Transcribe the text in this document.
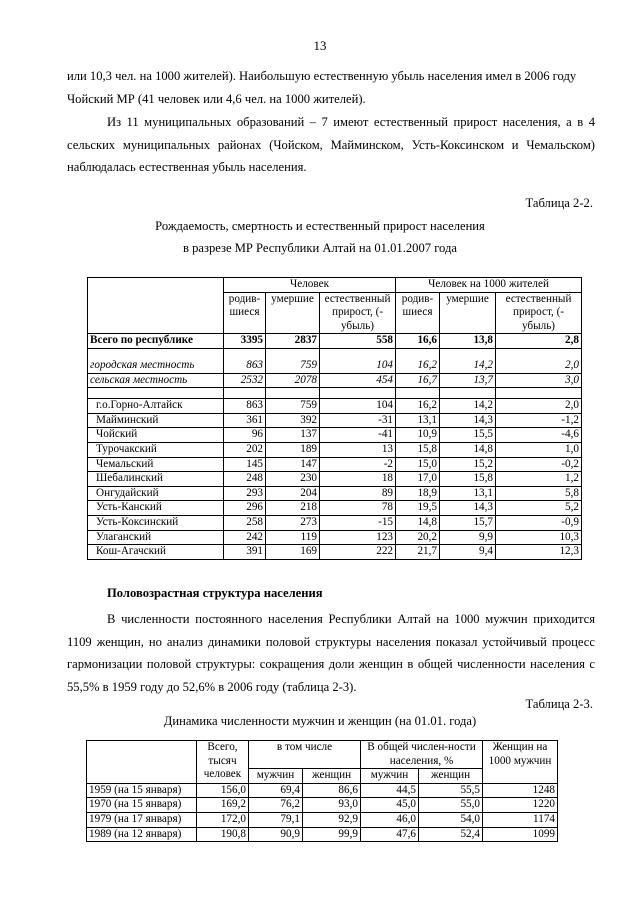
13

или 10,3 чел. на 1000 жителей). Наибольшую естественную убыль населения имел в 2006 году
Чойский МР (41 человек или 4,6 чел. на 1000 жителей).

Из 11 муниципальных образований – 7 имеют естественный прирост населения, а в 4 сельских муниципальных районах (Чойском, Майминском, Усть-Коксинском и Чемальском) наблюдалась естественная убыль населения.

Таблица 2-2.
Рождаемость, смертность и естественный прирост населения
в разрезе МР Республики Алтай на 01.01.2007 года
	Человек			Человек на 1000 жителей		
	родив-шиеся	умершие	естественный прирост, (- убыль)	родив-шиеся	умершие	естественный прирост, (- убыль)
Всего по республике	3395	2837	558	16,6	13,8	2,8

городская местность	863	759	104	16,2	14,2	2,0
сельская местность	2532	2078	454	16,7	13,7	3,0

г.о.Горно-Алтайск	863	759	104	16,2	14,2	2,0
Майминский	361	392	-31	13,1	14,3	-1,2
Чойский	96	137	-41	10,9	15,5	-4,6
Турочакский	202	189	13	15,8	14,8	1,0
Чемальский	145	147	-2	15,0	15,2	-0,2
Шебалинский	248	230	18	17,0	15,8	1,2
Онгудайский	293	204	89	18,9	13,1	5,8
Усть-Канский	296	218	78	19,5	14,3	5,2
Усть-Коксинский	258	273	-15	14,8	15,7	-0,9
Улаганский	242	119	123	20,2	9,9	10,3
Кош-Агачский	391	169	222	21,7	9,4	12,3
Половозрастная структура населения

В численности постоянного населения Республики Алтай на 1000 мужчин приходится 1109 женщин, но анализ динамики половой структуры населения показал устойчивый процесс гармонизации половой структуры: сокращения доли женщин в общей численности населения с 55,5% в 1959 году до 52,6% в 2006 году (таблица 2-3).

Таблица 2-3.
Динамика численности мужчин и женщин (на 01.01. года)
	Всего, тысяч человек	в том числе		В общей числен-ности населения, %		Женщин на 1000 мужчин
		мужчин	женщин	мужчин	женщин	
1959 (на 15 января)	156,0	69,4	86,6	44,5	55,5	1248
1970 (на 15 января)	169,2	76,2	93,0	45,0	55,0	1220
1979 (на 17 января)	172,0	79,1	92,9	46,0	54,0	1174
1989 (на 12 января)	190,8	90,9	99,9	47,6	52,4	1099
